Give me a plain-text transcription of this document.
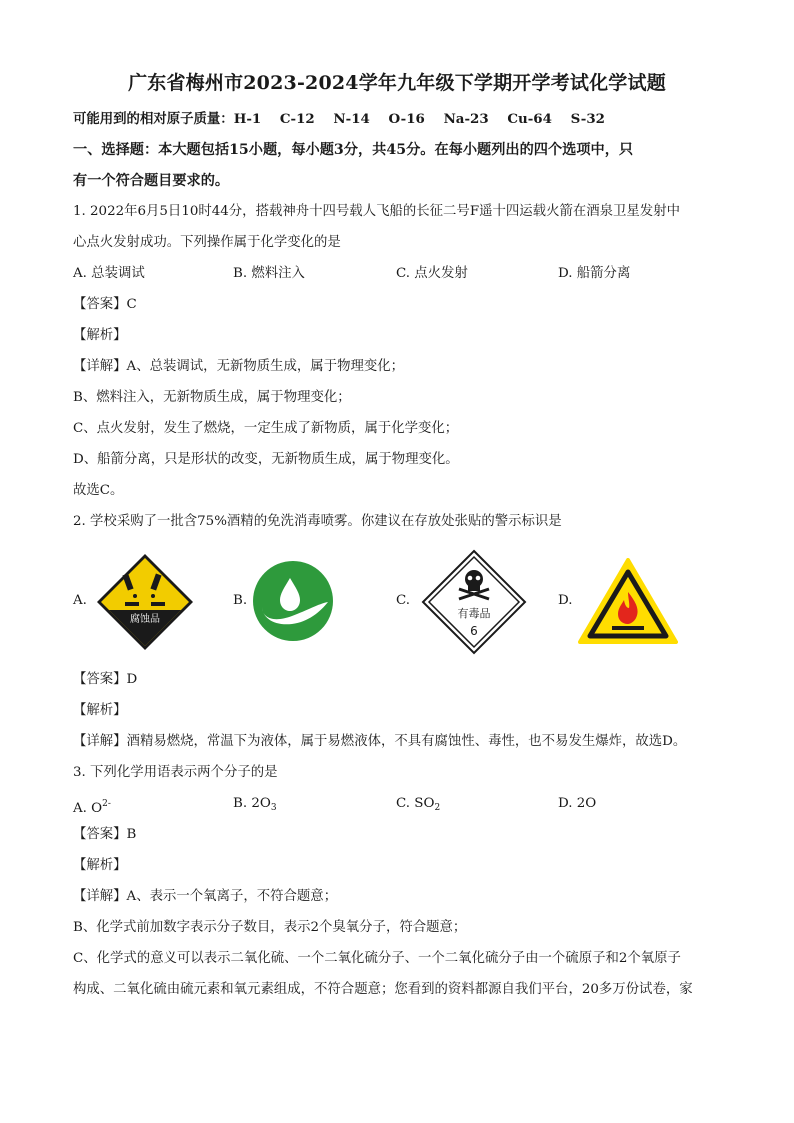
广东省梅州市2023-2024学年九年级下学期开学考试化学试题
可能用到的相对原子质量：H-1 C-12 N-14 O-16 Na-23 Cu-64 S-32
一、选择题：本大题包括15小题，每小题3分，共45分。在每小题列出的四个选项中，只
有一个符合题目要求的。
1. 2022年6月5日10时44分，搭载神舟十四号载人飞船的长征二号F遥十四运载火箭在酒泉卫星发射中
心点火发射成功。下列操作属于化学变化的是
A. 总装调试	B. 燃料注入	C. 点火发射	D. 船箭分离
【答案】C
【解析】
【详解】A、总装调试，无新物质生成，属于物理变化；
B、燃料注入，无新物质生成，属于物理变化；
C、点火发射，发生了燃烧，一定生成了新物质，属于化学变化；
D、船箭分离，只是形状的改变，无新物质生成，属于物理变化。
故选C。
2. 学校采购了一批含75%酒精的免洗消毒喷雾。你建议在存放处张贴的警示标识是
A.
腐蚀品
B.	C.
有毒品
6
D.
【答案】D
【解析】
【详解】酒精易燃烧，常温下为液体，属于易燃液体，不具有腐蚀性、毒性，也不易发生爆炸，故选D。
3. 下列化学用语表示两个分子的是
A. $O^{2-}$	B. $2O_3$	C. $SO_2$	D. 2O
【答案】B
【解析】
【详解】A、表示一个氧离子，不符合题意；
B、化学式前加数字表示分子数目，表示2个臭氧分子，符合题意；
C、化学式的意义可以表示二氧化硫、一个二氧化硫分子、一个二氧化硫分子由一个硫原子和2个氧原子
构成、二氧化硫由硫元素和氧元素组成，不符合题意；您看到的资料都源自我们平台，20多万份试卷，家
